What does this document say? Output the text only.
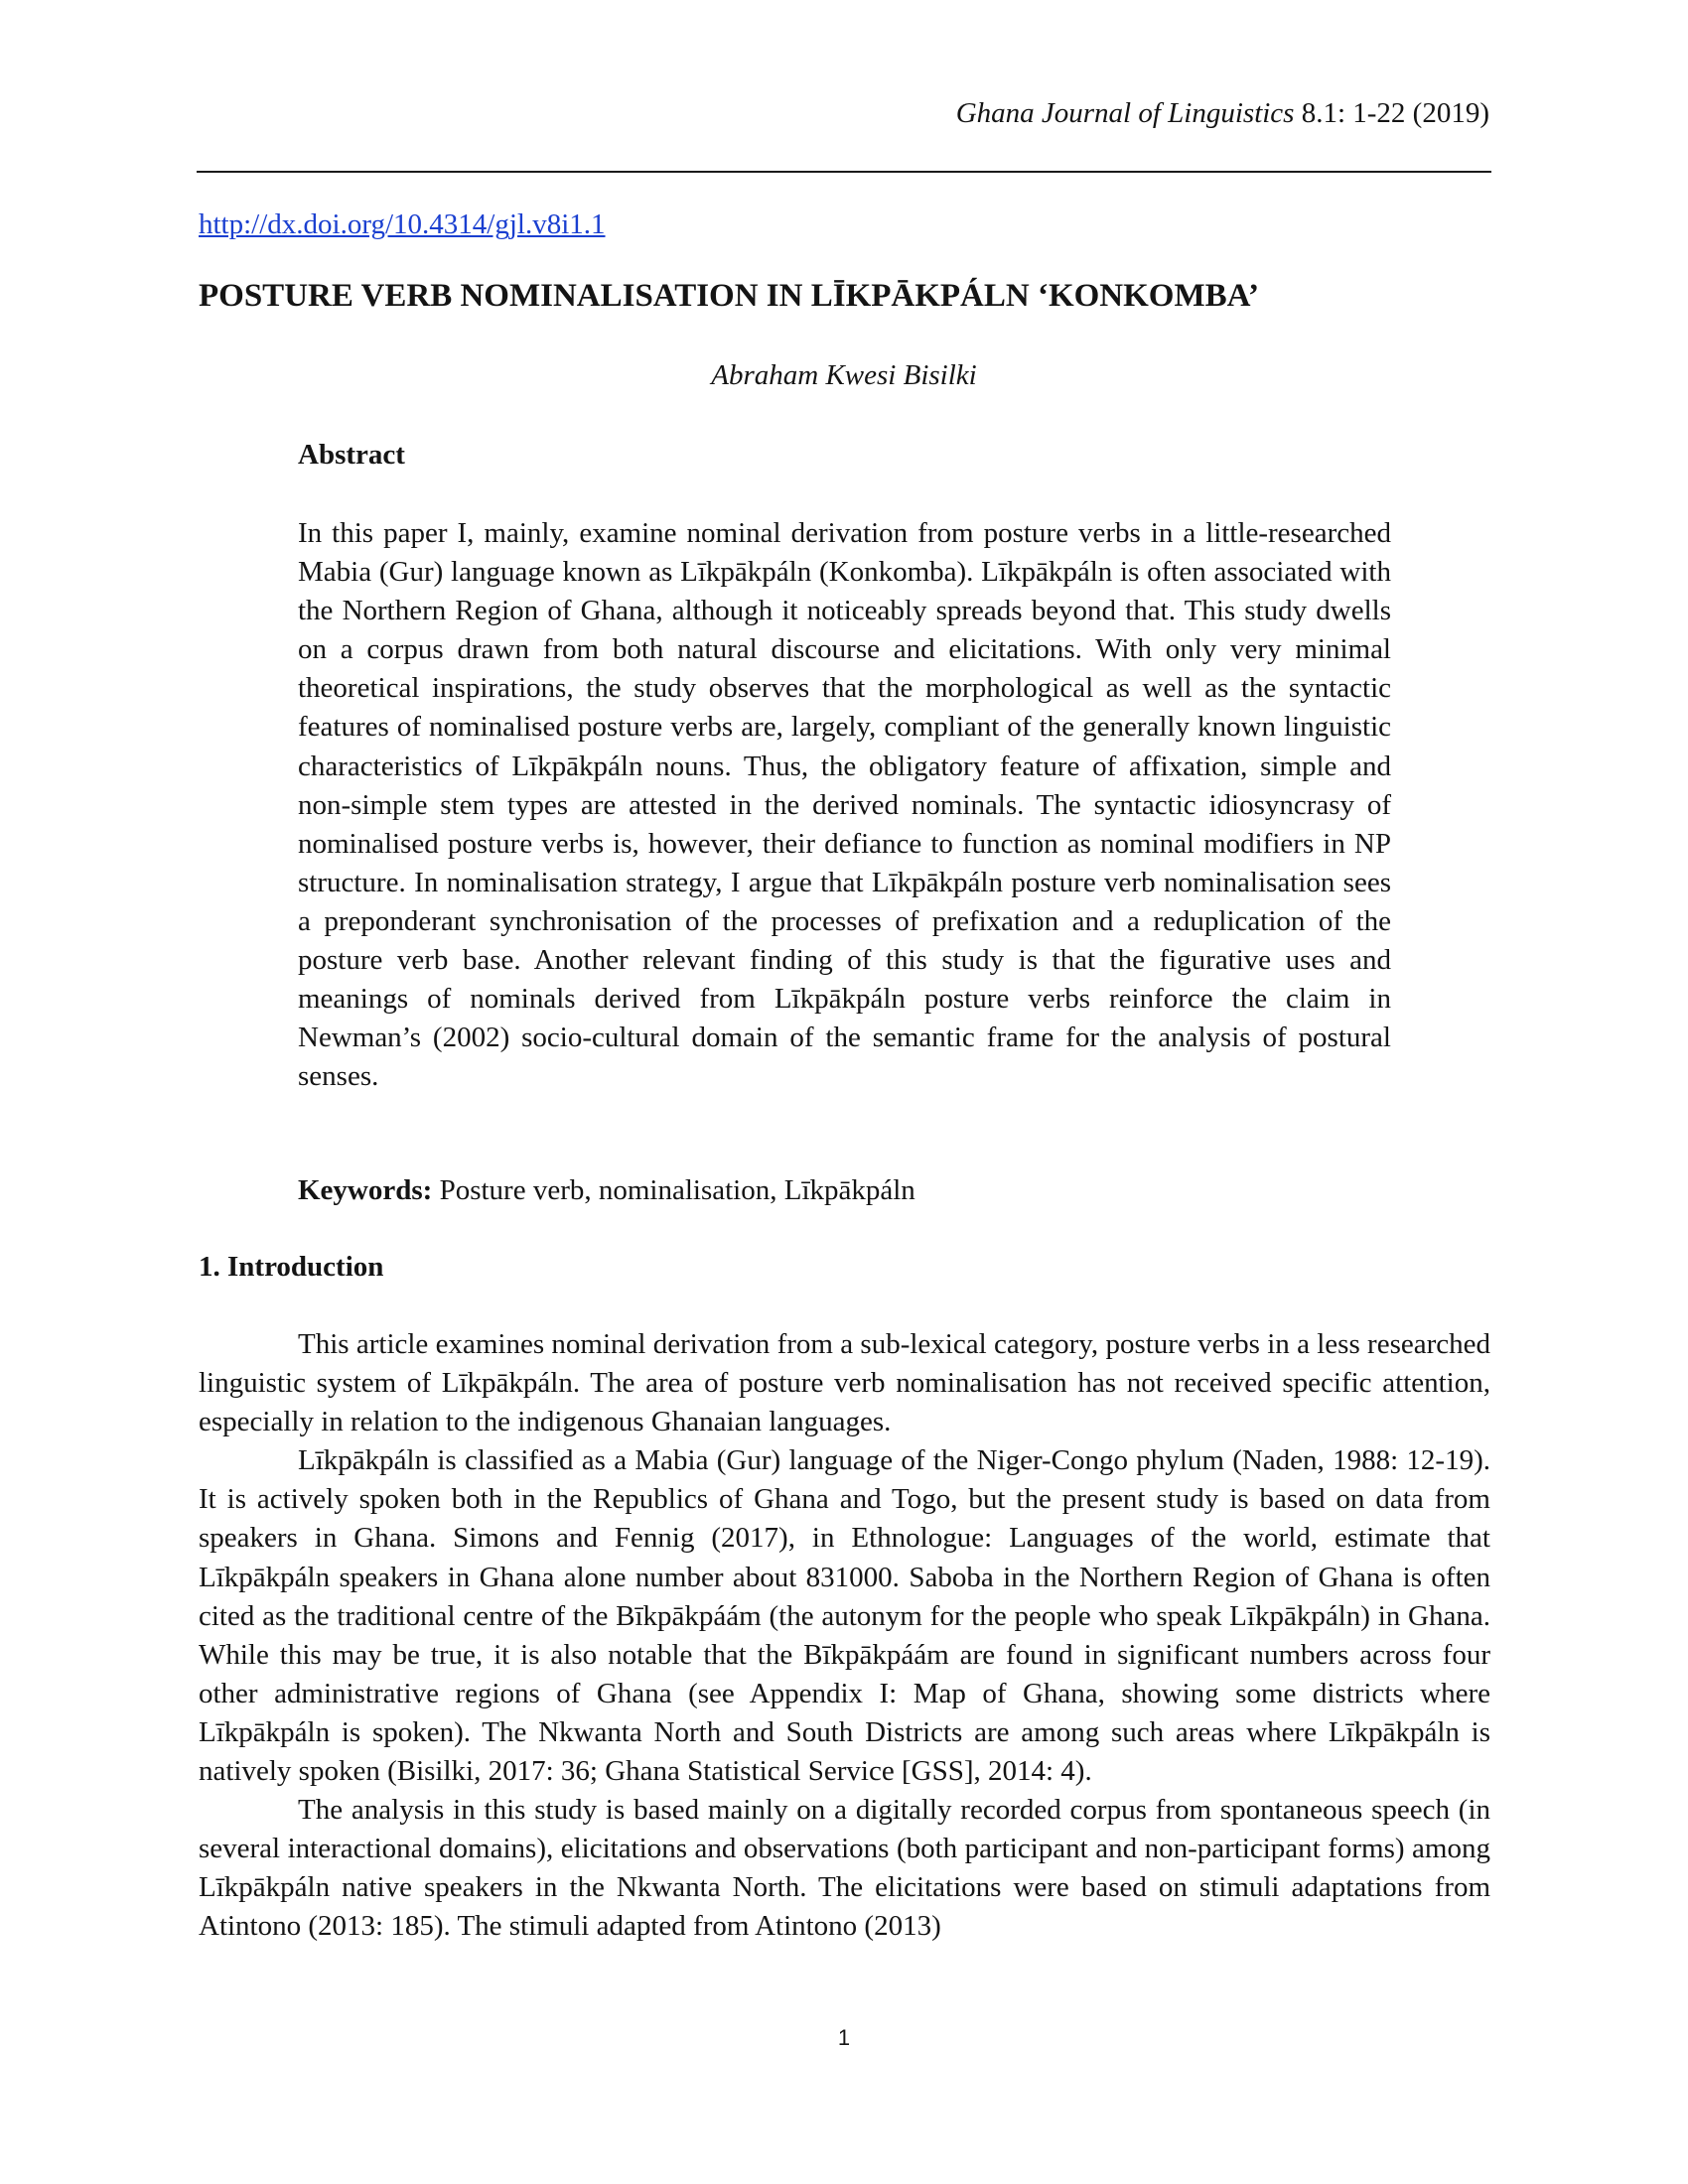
Ghana Journal of Linguistics 8.1: 1-22 (2019)
http://dx.doi.org/10.4314/gjl.v8i1.1
POSTURE VERB NOMINALISATION IN LĪKPĀKPÁLN ‘KONKOMBA’
Abraham Kwesi Bisilki
Abstract

In this paper I, mainly, examine nominal derivation from posture verbs in a little-researched Mabia (Gur) language known as Līkpākpáln (Konkomba). Līkpākpáln is often associated with the Northern Region of Ghana, although it noticeably spreads beyond that. This study dwells on a corpus drawn from both natural discourse and elicitations. With only very minimal theoretical inspirations, the study observes that the morphological as well as the syntactic features of nominalised posture verbs are, largely, compliant of the generally known linguistic characteristics of Līkpākpáln nouns. Thus, the obligatory feature of affixation, simple and non-simple stem types are attested in the derived nominals. The syntactic idiosyncrasy of nominalised posture verbs is, however, their defiance to function as nominal modifiers in NP structure. In nominalisation strategy, I argue that Līkpākpáln posture verb nominalisation sees a preponderant synchronisation of the processes of prefixation and a reduplication of the posture verb base. Another relevant finding of this study is that the figurative uses and meanings of nominals derived from Līkpākpáln posture verbs reinforce the claim in Newman’s (2002) socio-cultural domain of the semantic frame for the analysis of postural senses.

Keywords: Posture verb, nominalisation, Līkpākpáln
1. Introduction

This article examines nominal derivation from a sub-lexical category, posture verbs in a less researched linguistic system of Līkpākpáln. The area of posture verb nominalisation has not received specific attention, especially in relation to the indigenous Ghanaian languages.

Līkpākpáln is classified as a Mabia (Gur) language of the Niger-Congo phylum (Naden, 1988: 12-19). It is actively spoken both in the Republics of Ghana and Togo, but the present study is based on data from speakers in Ghana. Simons and Fennig (2017), in Ethnologue: Languages of the world, estimate that Līkpākpáln speakers in Ghana alone number about 831000. Saboba in the Northern Region of Ghana is often cited as the traditional centre of the Bīkpākpáám (the autonym for the people who speak Līkpākpáln) in Ghana. While this may be true, it is also notable that the Bīkpākpáám are found in significant numbers across four other administrative regions of Ghana (see Appendix I: Map of Ghana, showing some districts where Līkpākpáln is spoken). The Nkwanta North and South Districts are among such areas where Līkpākpáln is natively spoken (Bisilki, 2017: 36; Ghana Statistical Service [GSS], 2014: 4).

The analysis in this study is based mainly on a digitally recorded corpus from spontaneous speech (in several interactional domains), elicitations and observations (both participant and non-participant forms) among Līkpākpáln native speakers in the Nkwanta North. The elicitations were based on stimuli adaptations from Atintono (2013: 185). The stimuli adapted from Atintono (2013)

1
